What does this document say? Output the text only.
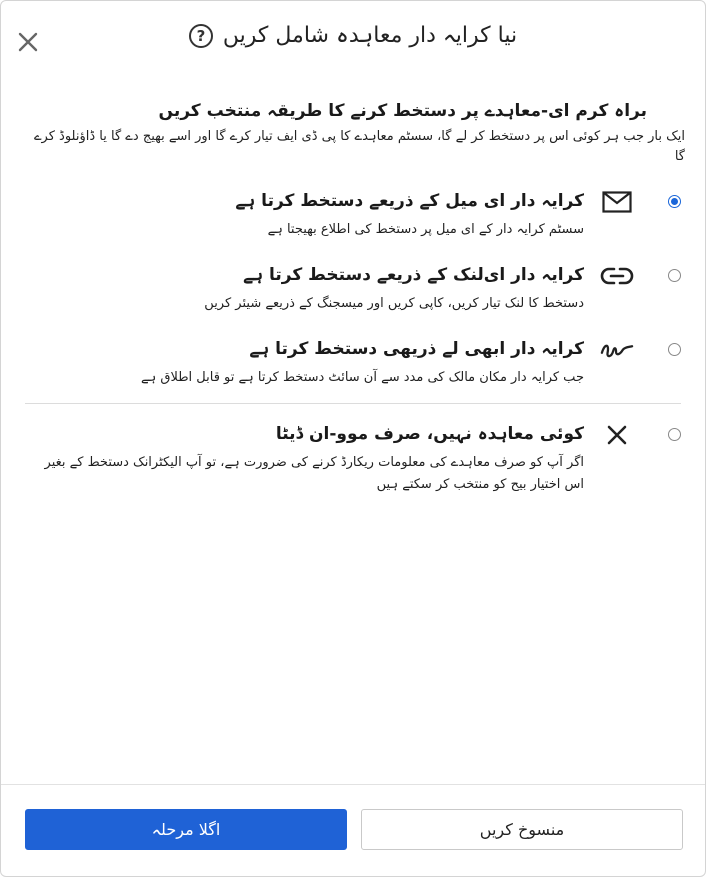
نیا کرایہ دار معاہدہ شامل کریں
?
براہ کرم ای-معاہدے پر دستخط کرنے کا طریقہ منتخب کریں
ایک بار جب ہر کوئی اس پر دستخط کر لے گا، سسٹم معاہدے کا پی ڈی ایف تیار کرے گا اور اسے بھیج دے گا یا ڈاؤنلوڈ کرے گا
کرایہ دار ای میل کے ذریعے دستخط کرتا ہے
سسٹم کرایہ دار کے ای میل پر دستخط کی اطلاع بھیجتا ہے
کرایہ دار ای‌لنک کے ذریعے دستخط کرتا ہے
دستخط کا لنک تیار کریں، کاپی کریں اور میسجنگ کے ذریعے شیئر کریں
کرایہ دار ابھی لے ذریھی دستخط کرتا ہے
جب کرایہ دار مکان مالک کی مدد سے آن سائٹ دستخط کرتا ہے تو قابل اطلاق ہے
کوئی معاہدہ نہیں، صرف موو-ان ڈیٹا
اگر آپ کو صرف معاہدے کی معلومات ریکارڈ کرنے کی ضرورت ہے، تو آپ الیکٹرانک دستخط کے بغیر اس اختیار بیح کو منتخب کر سکتے ہیں
اگلا مرحلہ	منسوخ کریں
